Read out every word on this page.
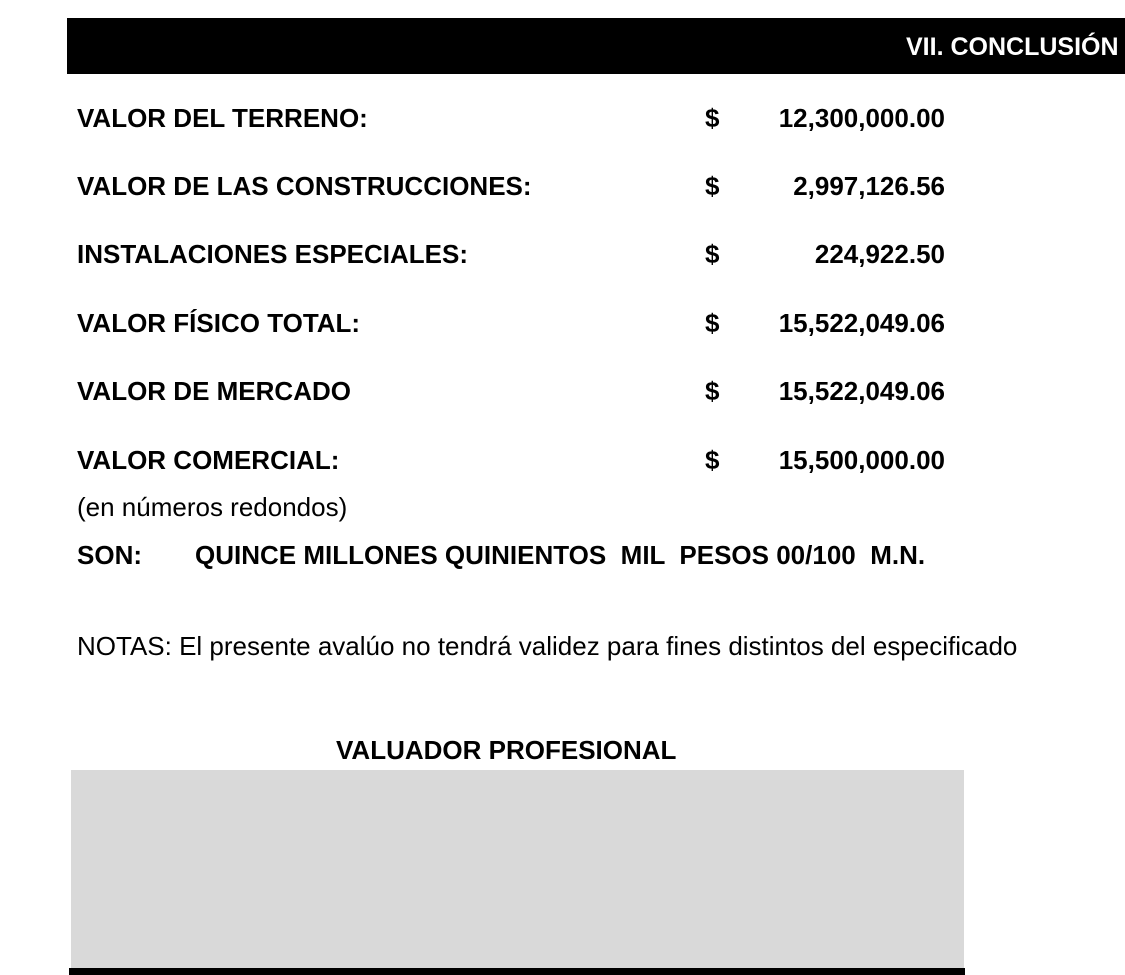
VII. CONCLUSIÓN
VALOR DEL TERRENO:	$ 12,300,000.00
VALOR DE LAS CONSTRUCCIONES:	$	2,997,126.56
INSTALACIONES ESPECIALES:	$	224,922.50
VALOR FÍSICO TOTAL:	$ 15,522,049.06
VALOR DE MERCADO	$ 15,522,049.06
VALOR COMERCIAL:	$ 15,500,000.00
(en números redondos)
SON: QUINCE MILLONES QUINIENTOS  MIL  PESOS 00/100  M.N.
NOTAS: El presente avalúo no tendrá validez para fines distintos del especificado
VALUADOR PROFESIONAL
